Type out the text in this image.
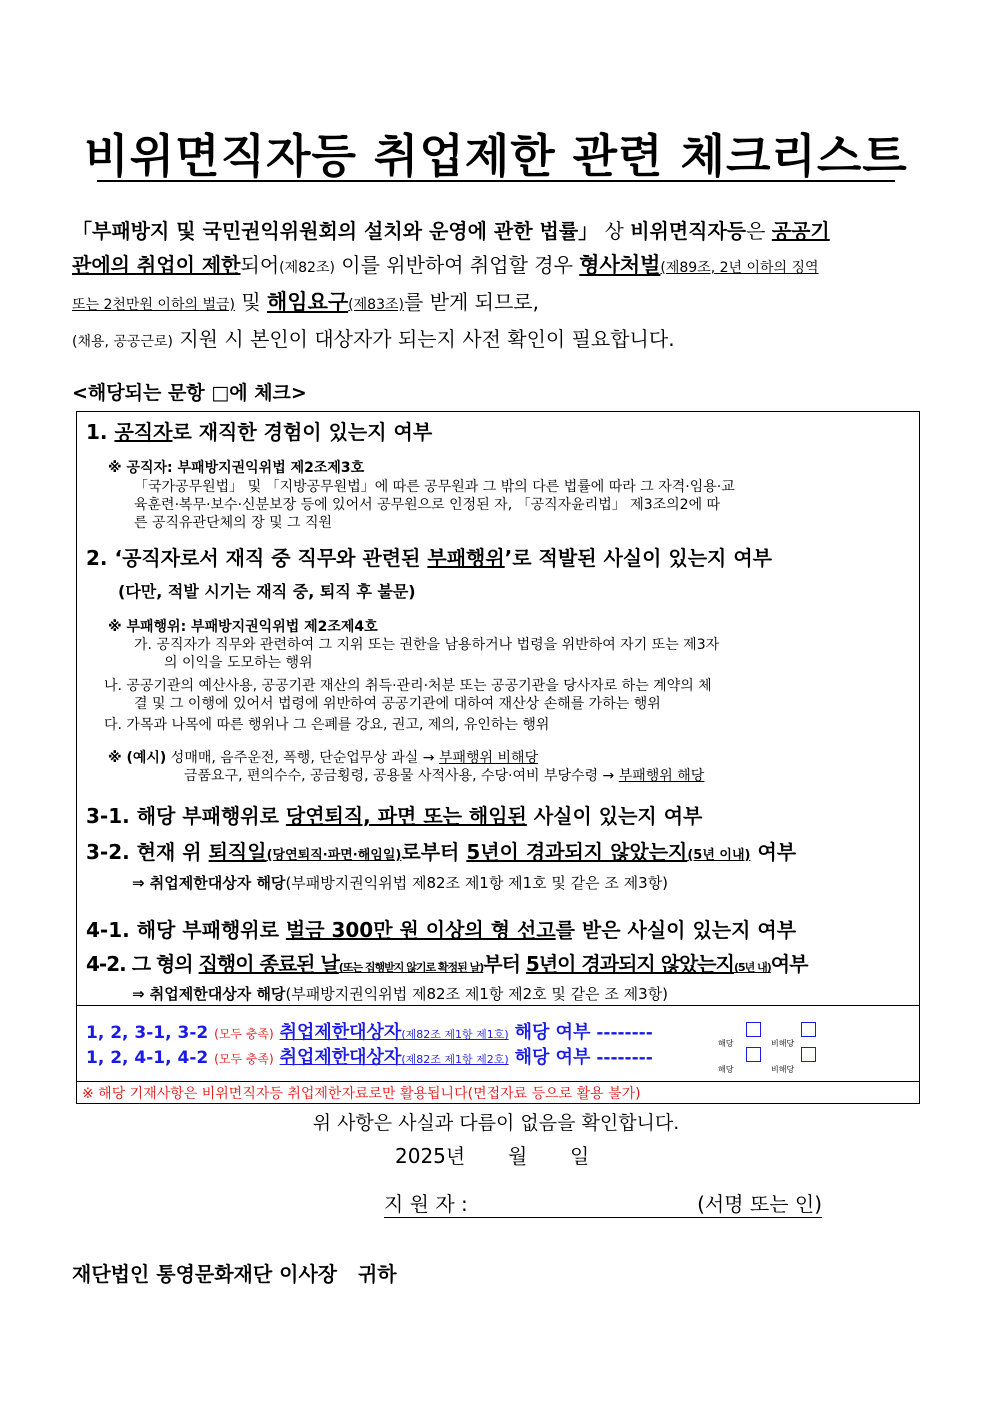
비위면직자등 취업제한 관련 체크리스트
「부패방지 및 국민권익위원회의 설치와 운영에 관한 법률」 상 비위면직자등은 공공기
관에의 취업이 제한되어(제82조) 이를 위반하여 취업할 경우 형사처벌(제89조, 2년 이하의 징역
또는 2천만원 이하의 벌금) 및 해임요구(제83조)를 받게 되므로,
(채용, 공공근로) 지원 시 본인이 대상자가 되는지 사전 확인이 필요합니다.
<해당되는 문항 □에 체크>
1. 공직자로 재직한 경험이 있는지 여부
※ 공직자: 부패방지권익위법 제2조제3호
「국가공무원법」 및 「지방공무원법」에 따른 공무원과 그 밖의 다른 법률에 따라 그 자격·임용·교
육훈련·복무·보수·신분보장 등에 있어서 공무원으로 인정된 자, 「공직자윤리법」 제3조의2에 따
른 공직유관단체의 장 및 그 직원
2. ‘공직자로서 재직 중 직무와 관련된 부패행위’로 적발된 사실이 있는지 여부
(다만, 적발 시기는 재직 중, 퇴직 후 불문)
※ 부패행위: 부패방지권익위법 제2조제4호
가. 공직자가 직무와 관련하여 그 지위 또는 권한을 남용하거나 법령을 위반하여 자기 또는 제3자
의 이익을 도모하는 행위
나. 공공기관의 예산사용, 공공기관 재산의 취득·관리·처분 또는 공공기관을 당사자로 하는 계약의 체
결 및 그 이행에 있어서 법령에 위반하여 공공기관에 대하여 재산상 손해를 가하는 행위
다. 가목과 나목에 따른 행위나 그 은폐를 강요, 권고, 제의, 유인하는 행위
※ (예시) 성매매, 음주운전, 폭행, 단순업무상 과실 → 부패행위 비해당
금품요구, 편의수수, 공금횡령, 공용물 사적사용, 수당·여비 부당수령 → 부패행위 해당
3-1. 해당 부패행위로 당연퇴직, 파면 또는 해임된 사실이 있는지 여부
3-2. 현재 위 퇴직일(당연퇴직·파면·해임일)로부터 5년이 경과되지 않았는지(5년 이내) 여부
⇒ 취업제한대상자 해당(부패방지권익위법 제82조 제1항 제1호 및 같은 조 제3항)
4-1. 해당 부패행위로 벌금 300만 원 이상의 형 선고를 받은 사실이 있는지 여부
4-2. 그 형의 집행이 종료된 날(또는 집행받지 않기로 확정된 날)부터 5년이 경과되지 않았는지(5년 내)여부
⇒ 취업제한대상자 해당(부패방지권익위법 제82조 제1항 제2호 및 같은 조 제3항)
1, 2, 3-1, 3-2 (모두 충족) 취업제한대상자(제82조 제1항 제1호) 해당 여부 --------
1, 2, 4-1, 4-2 (모두 충족) 취업제한대상자(제82조 제1항 제2호) 해당 여부 --------
해당	비해당
해당	비해당
※ 해당 기재사항은 비위면직자등 취업제한자료로만 활용됩니다(면접자료 등으로 활용 불가)
위 사항은 사실과 다름이 없음을 확인합니다.
2025년 월 일
지 원 자 :	(서명 또는 인)
재단법인 통영문화재단 이사장   귀하
